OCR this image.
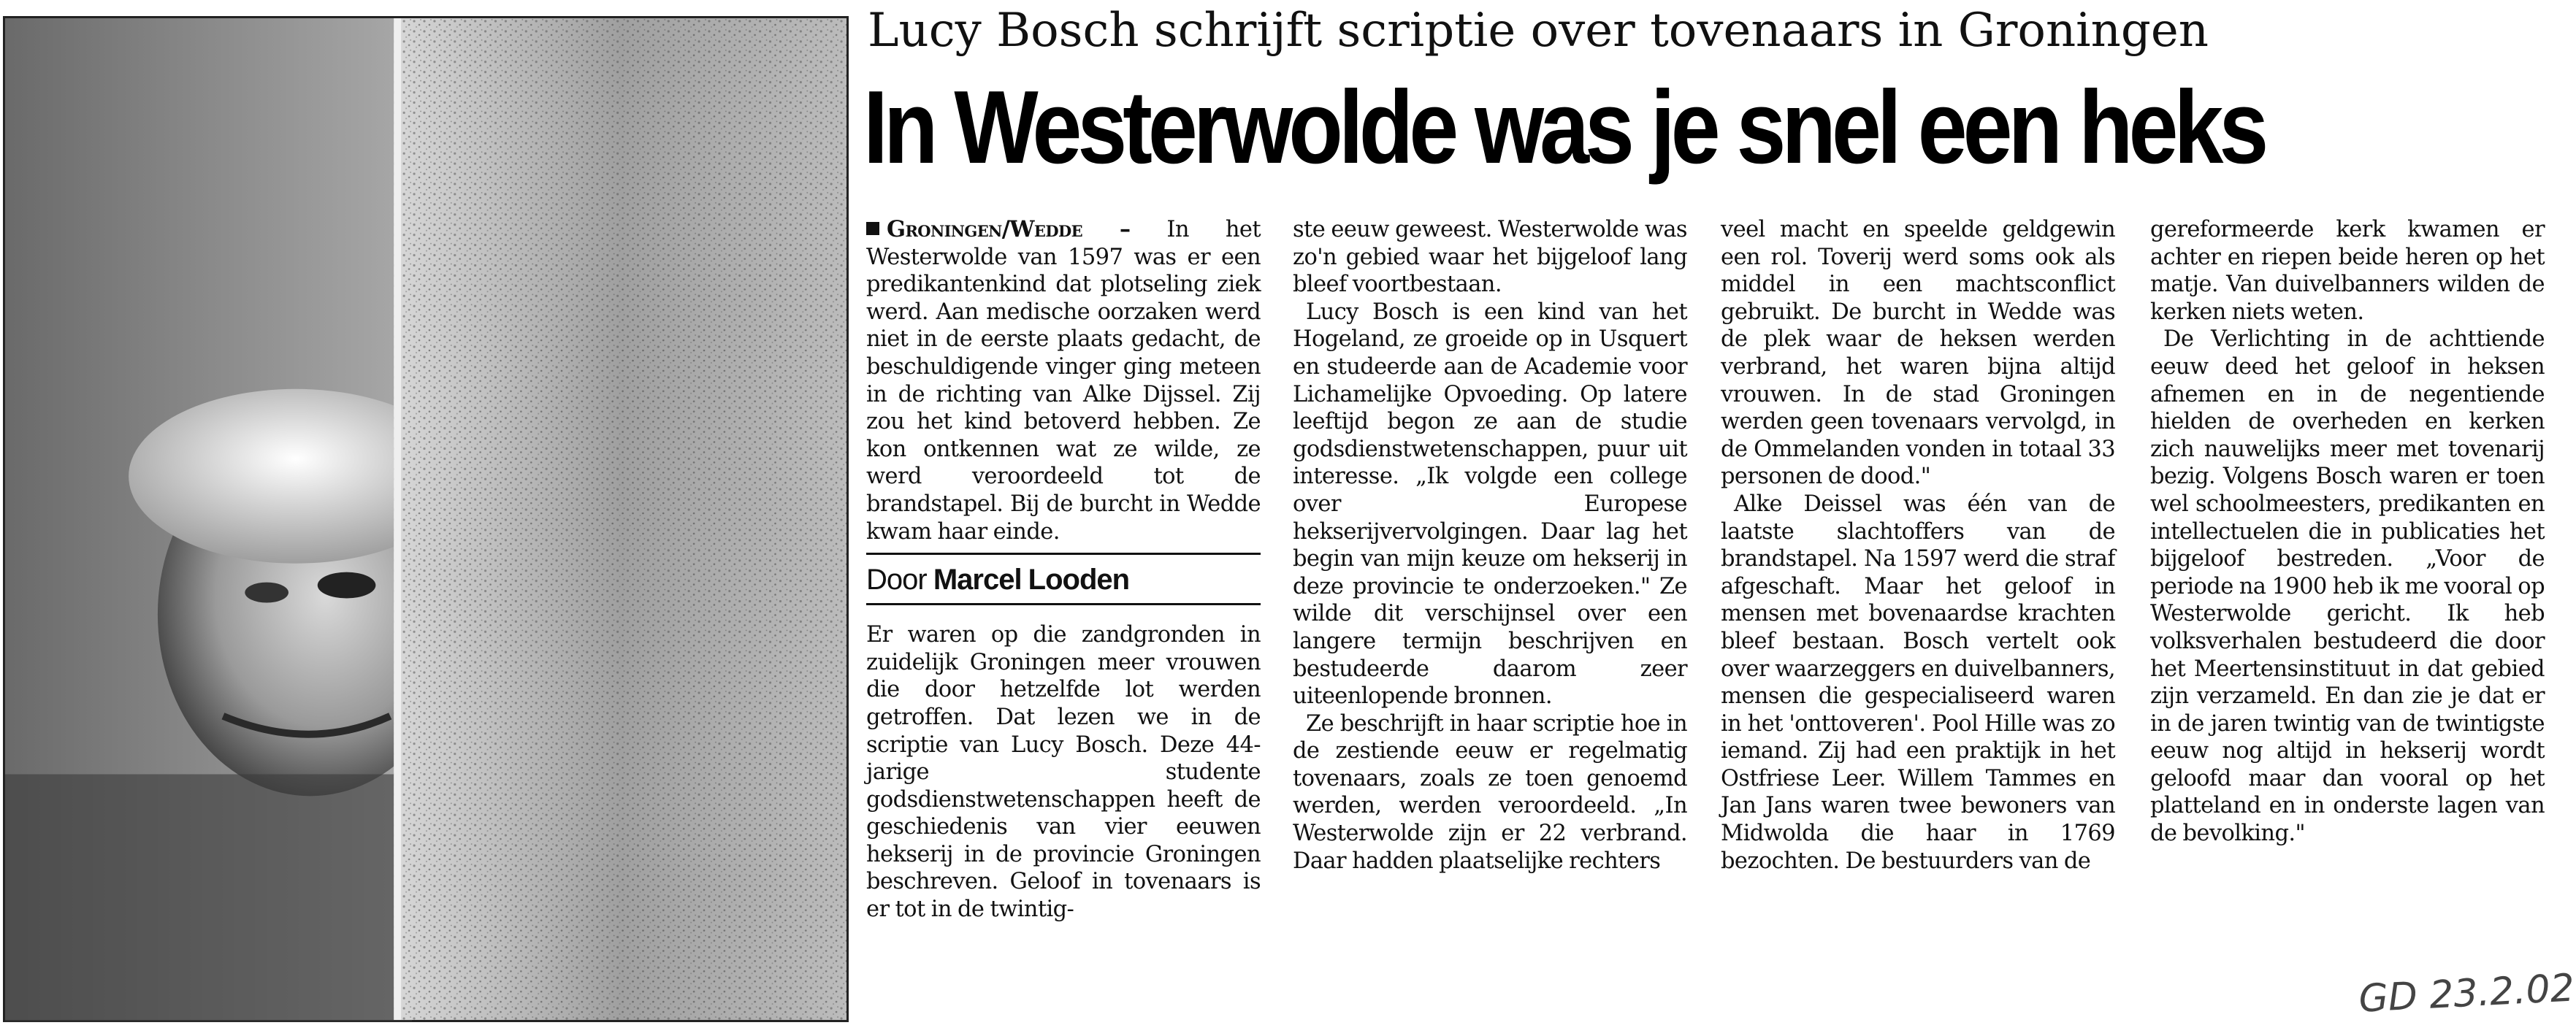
Lucy Bosch schrijft scriptie over tovenaars in Groningen
In Westerwolde was je snel een heks

Groningen/Wedde – In het Westerwolde van 1597 was er een predikantenkind dat plotseling ziek werd. Aan medische oorzaken werd niet in de eerste plaats gedacht, de beschuldigende vinger ging meteen in de richting van Alke Dijssel. Zij zou het kind betoverd hebben. Ze kon ontkennen wat ze wilde, ze werd veroordeeld tot de brandstapel. Bij de burcht in Wedde kwam haar einde.

Door Marcel Looden

Er waren op die zandgronden in zuidelijk Groningen meer vrouwen die door hetzelfde lot werden getroffen. Dat lezen we in de scriptie van Lucy Bosch. Deze 44-jarige studente godsdienstwetenschappen heeft de geschiedenis van vier eeuwen hekserij in de provincie Groningen beschreven. Geloof in tovenaars is er tot in de twintig-

ste eeuw geweest. Westerwolde was zo'n gebied waar het bijgeloof lang bleef voortbestaan.

Lucy Bosch is een kind van het Hogeland, ze groeide op in Usquert en studeerde aan de Academie voor Lichamelijke Opvoeding. Op latere leeftijd begon ze aan de studie godsdienstwetenschappen, puur uit interesse. „Ik volgde een college over Europese hekserijvervolgingen. Daar lag het begin van mijn keuze om hekserij in deze provincie te onderzoeken." Ze wilde dit verschijnsel over een langere termijn beschrijven en bestudeerde daarom zeer uiteenlopende bronnen.

Ze beschrijft in haar scriptie hoe in de zestiende eeuw er regelmatig tovenaars, zoals ze toen genoemd werden, werden veroordeeld. „In Westerwolde zijn er 22 verbrand. Daar hadden plaatselijke rechters

veel macht en speelde geldgewin een rol. Toverij werd soms ook als middel in een machtsconflict gebruikt. De burcht in Wedde was de plek waar de heksen werden verbrand, het waren bijna altijd vrouwen. In de stad Groningen werden geen tovenaars vervolgd, in de Ommelanden vonden in totaal 33 personen de dood."

Alke Deissel was één van de laatste slachtoffers van de brandstapel. Na 1597 werd die straf afgeschaft. Maar het geloof in mensen met bovenaardse krachten bleef bestaan. Bosch vertelt ook over waarzeggers en duivelbanners, mensen die gespecialiseerd waren in het 'onttoveren'. Pool Hille was zo iemand. Zij had een praktijk in het Ostfriese Leer. Willem Tammes en Jan Jans waren twee bewoners van Midwolda die haar in 1769 bezochten. De bestuurders van de

gereformeerde kerk kwamen er achter en riepen beide heren op het matje. Van duivelbanners wilden de kerken niets weten.

De Verlichting in de achttiende eeuw deed het geloof in heksen afnemen en in de negentiende hielden de overheden en kerken zich nauwelijks meer met tovenarij bezig. Volgens Bosch waren er toen wel schoolmeesters, predikanten en intellectuelen die in publicaties het bijgeloof bestreden. „Voor de periode na 1900 heb ik me vooral op Westerwolde gericht. Ik heb volksverhalen bestudeerd die door het Meertensinstituut in dat gebied zijn verzameld. En dan zie je dat er in de jaren twintig van de twintigste eeuw nog altijd in hekserij wordt geloofd maar dan vooral op het platteland en in onderste lagen van de bevolking."

GD 23.2.02
